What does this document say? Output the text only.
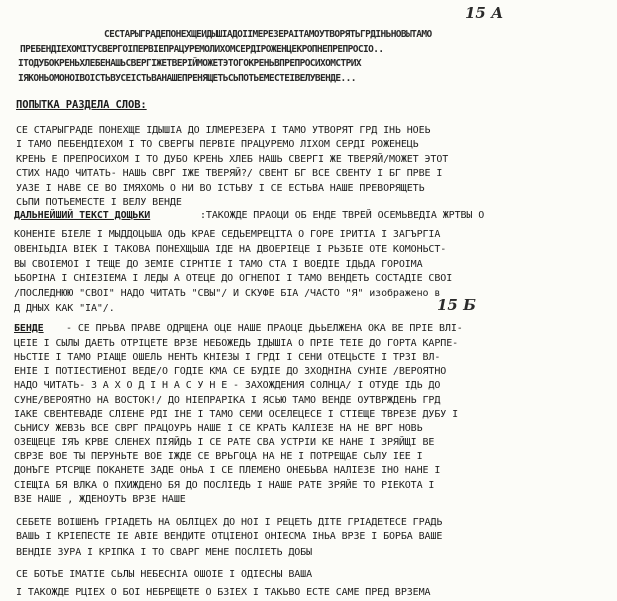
15 А
15 Б
СЕСТАРЫГРАДЕПОНЕХЩЕИДЫШІАДОІІМЕРЕЗЕРАІТАМОУТВОРЯТЬГРДІНЬНОВЫТАМО
ПРЕБЕНДІЕХОМІТУСВЕРГОІПЕРВІЕПРАЦУРЕМОЛИХОМСЕРДІРОЖЕНЦЕКРОПНЕПРЕПРОСІО..
ІТОДУБОКРЕНЬХЛЕБЕНАШЬСВЕРГІЖЕТВЕРІЙМОЖЕТЭТОГОКРЕНЬВПРЕПРОСИХОМСТРИХ
ІЯКОНЬОМОНОІВОІСТЬВУСЕІСТЬВАНАШЕПРЕНЯЩЕТЬСЬПОТЬЕМЕСТЕІВЕЛУВЕНДЕ...
ПОПЫТКА РАЗДЕЛА СЛОВ:
СЕ СТАРЫГРАДЕ ПОНЕХЩЕ ІДЫШІА ДО ІЛМЕРЕЗЕРА І ТАМО УТВОРЯТ ГРД ІНЬ НОЕЬ
І ТАМО ПЕБЕНДІЕХОМ І ТО СВЕРГЫ ПЕРВІЕ ПРАЦУРЕМО ЛІХОМ СЕРДІ РОЖЕНЕЦЬ
КРЕНЬ Е ПРЕПРОСИХОМ І ТО ДУБО КРЕНЬ ХЛЕБ НАШЬ СВЕРГІ ЖЕ ТВЕРЯЙ/МОЖЕТ ЭТОТ
СТИХ НАДО ЧИТАТЬ- НАШЬ СВРГ ІЖЕ ТВЕРЯЙ?/ СВЕНТ БГ ВСЕ СВЕНТУ І БГ ПРВЕ І
УАЗЕ І НАВЕ СЕ ВО ІМЯХОМЬ О НИ ВО ІСТЬВУ І СЕ ЕСТЬВА НАШЕ ПРЕВОРЯЩЕТЬ
СЬПИ ПОТЬЕМЕСТЕ І ВЕЛУ ВЕНДЕ
ДАЛЬНЕЙШИЙ ТЕКСТ ДОЩЬКИ	:ТАКОЖДЕ ПРАОЦИ ОБ ЕНДЕ ТВРЕЙ ОСЕМЬВЕДІА ЖРТВЫ О
КОНЕНІЕ БІЕЛЕ І МЫДДОЦЬША ОДЬ КРАЕ СЕДЬЕМРЕЦІТА О ГОРЕ ІРИТІА І ЗАГЪРГІА
ОВЕНІЬДІА ВІЕК І ТАКОВА ПОНЕХЩЬША ІДЕ НА ДВОЕРІЕЦЕ І РЬЗБІЕ ОТЕ КОМОНЬСТ-
ВЫ СВОІЕМОІ І ТЕЩЕ ДО ЗЕМІЕ СІРНТІЕ І ТАМО СТА І ВОЕДІЕ ІДЬДА ГОРОІМА
ЬБОРІНА І СНІЕЗІЕМА І ЛЕДЫ А ОТЕЦЕ ДО ОГНЕПОІ І ТАМО ВЕНДЕТЬ СОСТАДІЕ СВОІ
/ПОСЛЕДНЮЮ "СВОІ" НАДО ЧИТАТЬ "СВЫ"/ И СКУФЕ БІА /ЧАСТО "Я" изображено в
Д ДНЫХ КАК "ІА"/.
БЕНДЕ - СЕ ПРЬВА ПРАВЕ ОДРЩЕНА ОЦЕ НАШЕ ПРАОЦЕ ДЬЬЕЛЖЕНА ОКА ВЕ ПРІЕ ВЛІ-
ЦЕІЕ І СЫЛЫ ДАЕТЬ ОТРІЦЕТЕ ВРЗЕ НЕБОЖЕДЬ ІДЫШІА О ПРІЕ ТЕІЕ ДО ГОРТА КАРПЕ-
НЬСТІЕ І ТАМО РІАЩЕ ОШЕЛЬ НЕНТЬ КНІЕЗЫ І ГРДІ І СЕНИ ОТЕЦЬСТЕ І ТРЗІ ВЛ-
ЕНІЕ І ПОТІЕСТИЕНОІ ВЕДЕ/О ГОДІЕ КМА СЕ БУДІЕ ДО ЗХОДНІНА СУНІЕ /ВЕРОЯТНО
НАДО ЧИТАТЬ- З А Х О Д І Н А С У Н Е - ЗАХОЖДЕНИЯ СОЛНЦА/ І ОТУДЕ ІДЬ ДО
СУНЕ/ВЕРОЯТНО НА ВОСТОК!/ ДО НІЕПРАРІКА І ЯСЬЮ ТАМО ВЕНДЕ ОУТВРЖДЕНЬ ГРД
ІАКЕ СВЕНТЕВАДЕ СЛІЕНЕ РДІ ІНЕ І ТАМО СЕМИ ОСЕЛЕЦЕСЕ І СТІЕЩЕ ТВРЕЗЕ ДУБУ І
СЬНИСУ ЖЕВЗЬ ВСЕ СВРГ ПРАЦОУРЬ НАШЕ І СЕ КРАТЬ КАЛІЕЗЕ НА НЕ ВРГ НОВЬ
ОЗЕЩЕЦЕ ІЯЪ КРВЕ СЛЕНЕХ ПІЯЙДЬ І СЕ РАТЕ СВА УСТРІИ КЕ НАНЕ І ЗРЯЙЩІ ВЕ
СВРЗЕ ВОЕ ТЫ ПЕРУНЬТЕ ВОЕ ІЖДЕ СЕ ВРЬГОЦА НА НЕ І ПОТРЕЩАЕ СЬЛУ ІЕЕ І
ДОНЪГЕ РТСРЩЕ ПОКАНЕТЕ ЗАДЕ ОНЬА І СЕ ПЛЕМЕНО ОНЕБЬВА НАЛІЕЗЕ ІНО НАНЕ І
СІЕЩІА БЯ ВЛКА О ПХИЖДЕНО БЯ ДО ПОСЛІЕДЬ І НАШЕ РАТЕ ЗРЯЙЕ ТО РІЕКОТА І
ВЗЕ НАШЕ , ЖДЕНОУТЬ ВРЗЕ НАШЕ
СЕБЕТЕ ВОІШЕНЪ ГРІАДЕТЬ НА ОБЛІЦЕХ ДО НОІ І РЕЦЕТЬ ДІТЕ ГРІАДЕТЕСЕ ГРАДЬ
ВАШЬ І КРІЕПЕСТЕ ІЕ АВІЕ ВЕНДИТЕ ОТЦІЕНОІ ОНІЕСМА ІНЬА ВРЗЕ І БОРБА ВАШЕ
ВЕНДІЕ ЗУРА І КРІПКА І ТО СВАРГ МЕНЕ ПОСЛІЕТЬ ДОБЫ
СЕ БОТЬЕ ІМАТІЕ СЬЛЫ НЕБЕСНІА ОШОІЕ І ОДІЕСНЫ ВАША
І ТАКОЖДЕ РЦІЕХ О БОІ НЕБРЕЩЕТЕ О БЗІЕХ І ТАКЬВО ЕСТЕ САМЕ ПРЕД ВРЗЕМА
